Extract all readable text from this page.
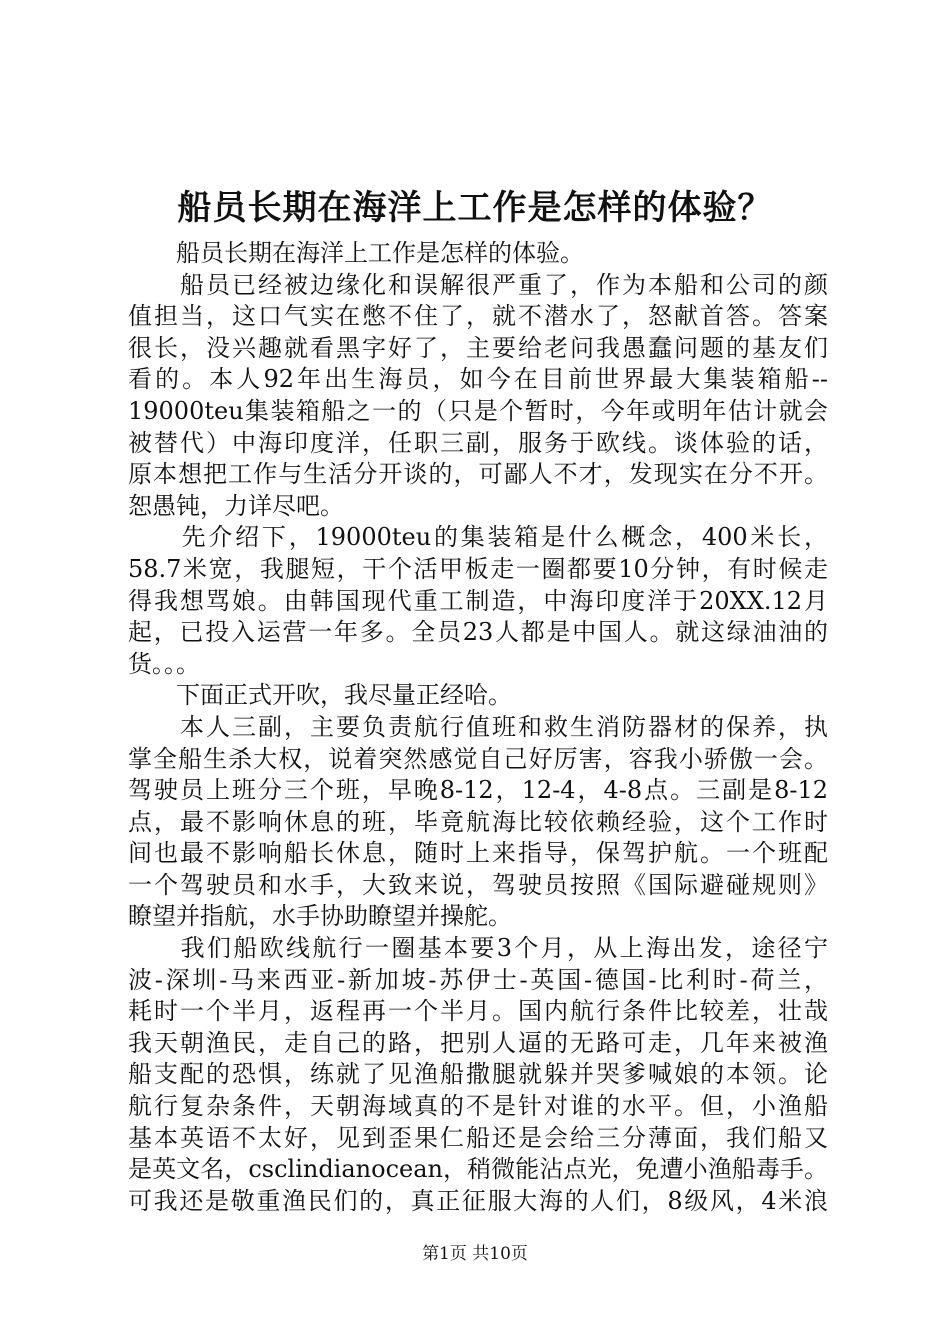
船员长期在海洋上工作是怎样的体验？
　　船员长期在海洋上工作是怎样的体验。
　　船员已经被边缘化和误解很严重了，作为本船和公司的颜
值担当，这口气实在憋不住了，就不潜水了，怒献首答。答案
很长，没兴趣就看黑字好了，主要给老问我愚蠢问题的基友们
看的。本人92年出生海员，如今在目前世界最大集装箱船--
19000teu集装箱船之一的（只是个暂时，今年或明年估计就会
被替代）中海印度洋，任职三副，服务于欧线。谈体验的话，
原本想把工作与生活分开谈的，可鄙人不才，发现实在分不开。
恕愚钝，力详尽吧。
　　先介绍下，19000teu的集装箱是什么概念，400米长，
58.7米宽，我腿短，干个活甲板走一圈都要10分钟，有时候走
得我想骂娘。由韩国现代重工制造，中海印度洋于20XX.12月
起，已投入运营一年多。全员23人都是中国人。就这绿油油的
货。。。
　　下面正式开吹，我尽量正经哈。
　　本人三副，主要负责航行值班和救生消防器材的保养，执
掌全船生杀大权，说着突然感觉自己好厉害，容我小骄傲一会。
驾驶员上班分三个班，早晚8-12，12-4，4-8点。三副是8-12
点，最不影响休息的班，毕竟航海比较依赖经验，这个工作时
间也最不影响船长休息，随时上来指导，保驾护航。一个班配
一个驾驶员和水手，大致来说，驾驶员按照《国际避碰规则》
瞭望并指航，水手协助瞭望并操舵。
　　我们船欧线航行一圈基本要3个月，从上海出发，途径宁
波-深圳-马来西亚-新加坡-苏伊士-英国-德国-比利时-荷兰，
耗时一个半月，返程再一个半月。国内航行条件比较差，壮哉
我天朝渔民，走自己的路，把别人逼的无路可走，几年来被渔
船支配的恐惧，练就了见渔船撒腿就躲并哭爹喊娘的本领。论
航行复杂条件，天朝海域真的不是针对谁的水平。但，小渔船
基本英语不太好，见到歪果仁船还是会给三分薄面，我们船又
是英文名，csclindianocean，稍微能沾点光，免遭小渔船毒手。
可我还是敬重渔民们的，真正征服大海的人们，8级风，4米浪
第1页 共10页
